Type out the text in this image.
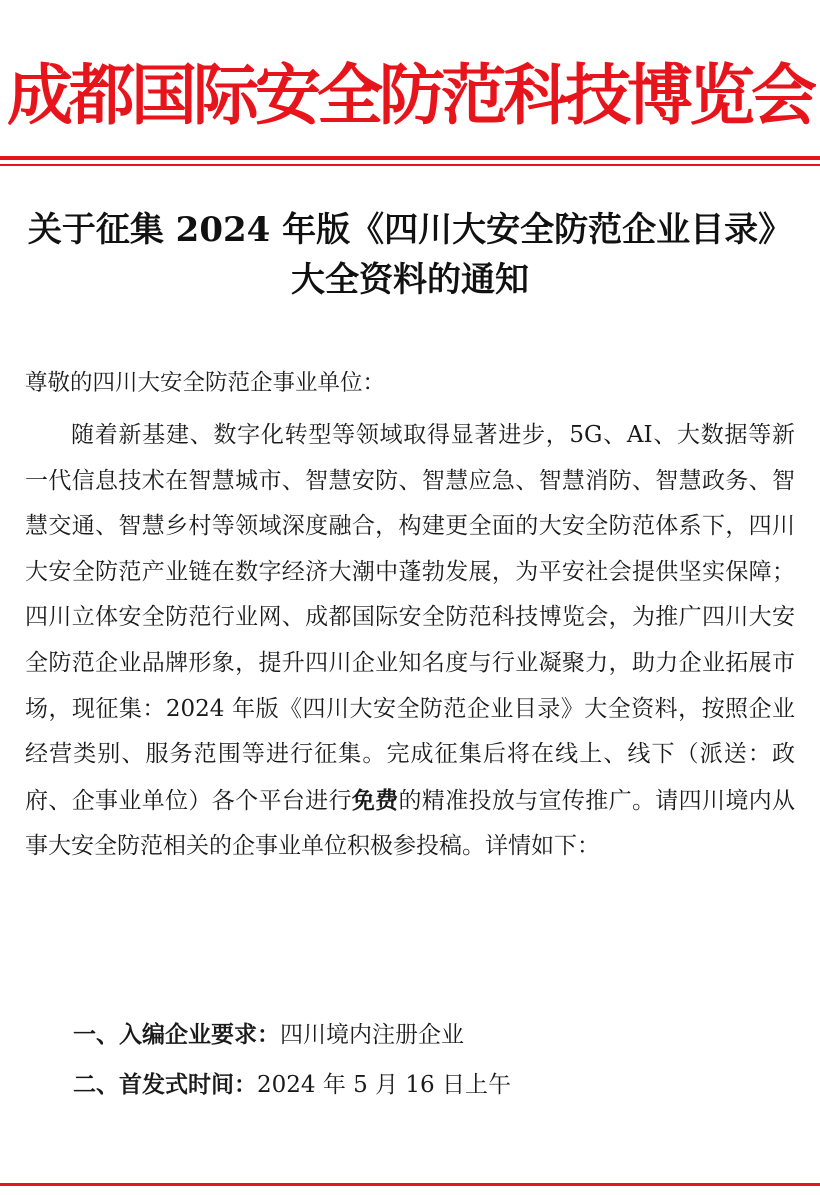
成都国际安全防范科技博览会
关于征集 2024 年版《四川大安全防范企业目录》
大全资料的通知
尊敬的四川大安全防范企事业单位：

随着新基建、数字化转型等领域取得显著进步，5G、AI、大数据等新一代信息技术在智慧城市、智慧安防、智慧应急、智慧消防、智慧政务、智慧交通、智慧乡村等领域深度融合，构建更全面的大安全防范体系下，四川大安全防范产业链在数字经济大潮中蓬勃发展，为平安社会提供坚实保障；四川立体安全防范行业网、成都国际安全防范科技博览会，为推广四川大安全防范企业品牌形象，提升四川企业知名度与行业凝聚力，助力企业拓展市场，现征集：2024 年版《四川大安全防范企业目录》大全资料，按照企业经营类别、服务范围等进行征集。完成征集后将在线上、线下（派送：政府、企事业单位）各个平台进行免费的精准投放与宣传推广。请四川境内从事大安全防范相关的企事业单位积极参投稿。详情如下：

一、入编企业要求：四川境内注册企业
二、首发式时间：2024 年 5 月 16 日上午
